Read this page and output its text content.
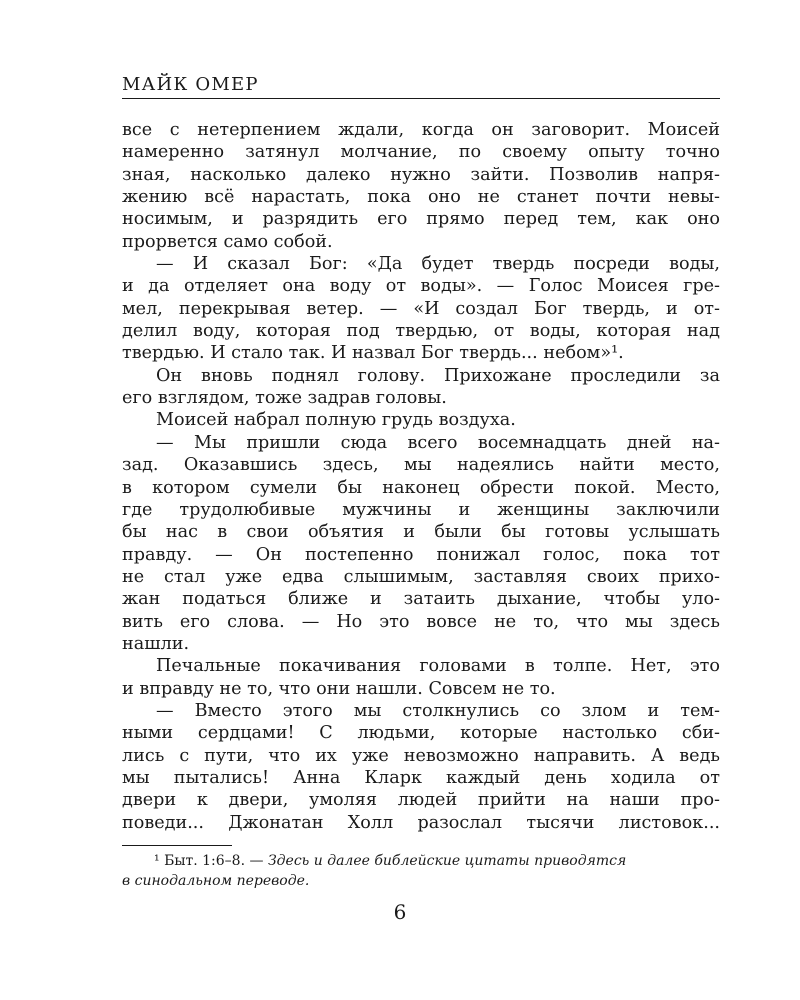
МАЙК ОМЕР
все с нетерпением ждали, когда он заговорит. Моисей
намеренно затянул молчание, по своему опыту точно
зная, насколько далеко нужно зайти. Позволив напря-
жению всё нарастать, пока оно не станет почти невы-
носимым, и разрядить его прямо перед тем, как оно
прорвется само собой.
— И сказал Бог: «Да будет твердь посреди воды,
и да отделяет она воду от воды». — Голос Моисея гре-
мел, перекрывая ветер. — «И создал Бог твердь, и от-
делил воду, которая под твердью, от воды, которая над
твердью. И стало так. И назвал Бог твердь... небом»¹.
Он вновь поднял голову. Прихожане проследили за
его взглядом, тоже задрав головы.
Моисей набрал полную грудь воздуха.
— Мы пришли сюда всего восемнадцать дней на-
зад. Оказавшись здесь, мы надеялись найти место,
в котором сумели бы наконец обрести покой. Место,
где трудолюбивые мужчины и женщины заключили
бы нас в свои объятия и были бы готовы услышать
правду. — Он постепенно понижал голос, пока тот
не стал уже едва слышимым, заставляя своих прихо-
жан податься ближе и затаить дыхание, чтобы уло-
вить его слова. — Но это вовсе не то, что мы здесь
нашли.
Печальные покачивания головами в толпе. Нет, это
и вправду не то, что они нашли. Совсем не то.
— Вместо этого мы столкнулись со злом и тем-
ными сердцами! С людьми, которые настолько сби-
лись с пути, что их уже невозможно направить. А ведь
мы пытались! Анна Кларк каждый день ходила от
двери к двери, умоляя людей прийти на наши про-
поведи... Джонатан Холл разослал тысячи листовок...
¹ Быт. 1:6–8. — Здесь и далее библейские цитаты приводятся
в синодальном переводе.
6
